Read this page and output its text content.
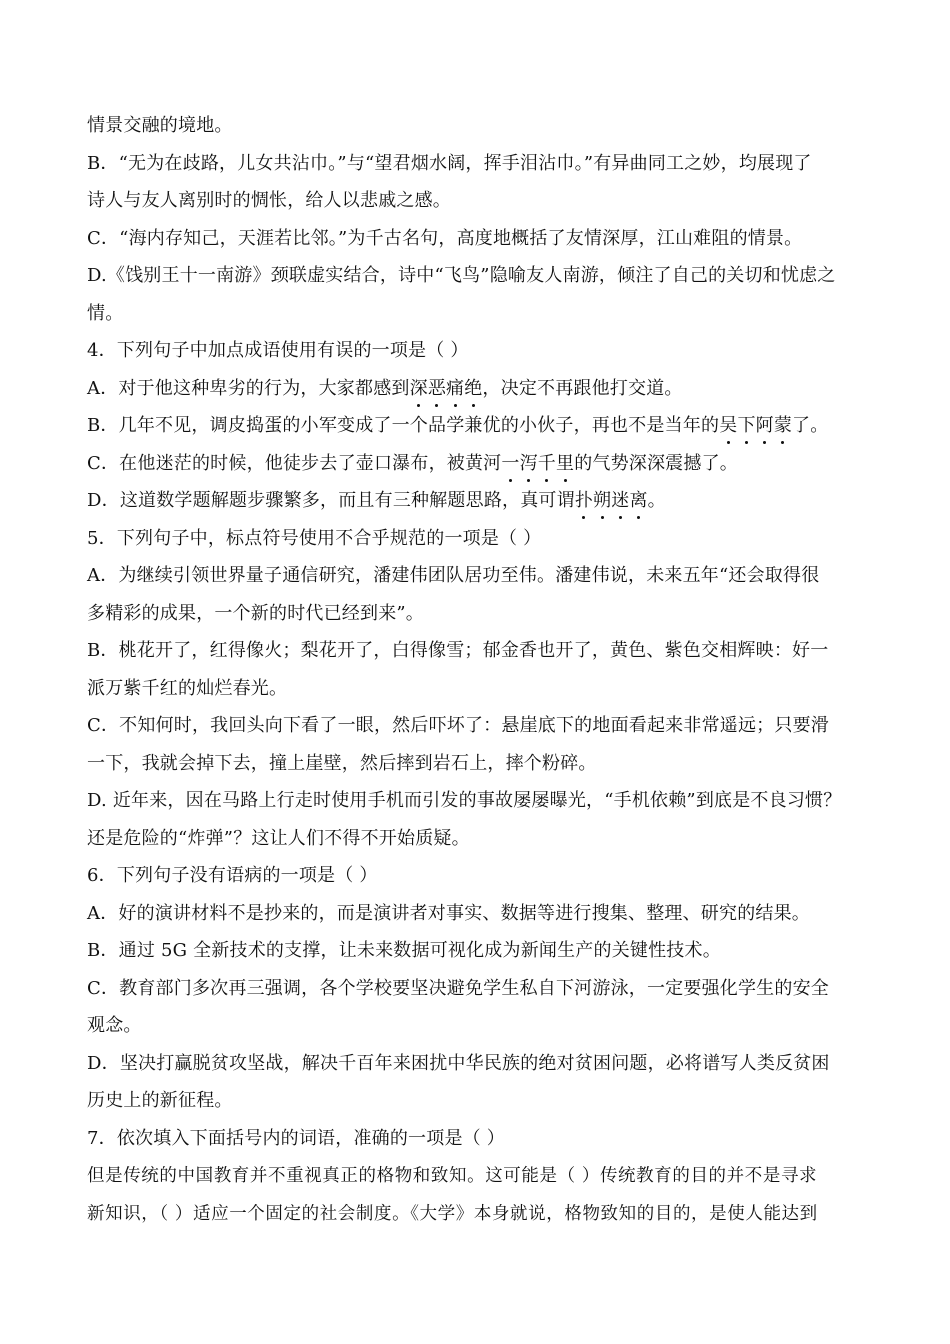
情景交融的境地。
B．“无为在歧路，儿女共沾巾。”与“望君烟水阔，挥手泪沾巾。”有异曲同工之妙，均展现了
诗人与友人离别时的惆怅，给人以悲戚之感。
C．“海内存知己，天涯若比邻。”为千古名句，高度地概括了友情深厚，江山难阻的情景。
D.《饯别王十一南游》颈联虚实结合，诗中“飞鸟”隐喻友人南游，倾注了自己的关切和忧虑之
情。
4．下列句子中加点成语使用有误的一项是（ ）
A．对于他这种卑劣的行为，大家都感到深恶痛绝，决定不再跟他打交道。
B．几年不见，调皮捣蛋的小军变成了一个品学兼优的小伙子，再也不是当年的吴下阿蒙了。
C．在他迷茫的时候，他徒步去了壶口瀑布，被黄河一泻千里的气势深深震撼了。
D．这道数学题解题步骤繁多，而且有三种解题思路，真可谓扑朔迷离。
5．下列句子中，标点符号使用不合乎规范的一项是（ ）
A．为继续引领世界量子通信研究，潘建伟团队居功至伟。潘建伟说，未来五年“还会取得很
多精彩的成果，一个新的时代已经到来”。
B．桃花开了，红得像火；梨花开了，白得像雪；郁金香也开了，黄色、紫色交相辉映：好一
派万紫千红的灿烂春光。
C．不知何时，我回头向下看了一眼，然后吓坏了：悬崖底下的地面看起来非常遥远；只要滑
一下，我就会掉下去，撞上崖壁，然后摔到岩石上，摔个粉碎。
D. 近年来，因在马路上行走时使用手机而引发的事故屡屡曝光，“手机依赖”到底是不良习惯？
还是危险的“炸弹”？这让人们不得不开始质疑。
6．下列句子没有语病的一项是（ ）
A．好的演讲材料不是抄来的，而是演讲者对事实、数据等进行搜集、整理、研究的结果。
B．通过 5G 全新技术的支撑，让未来数据可视化成为新闻生产的关键性技术。
C．教育部门多次再三强调，各个学校要坚决避免学生私自下河游泳，一定要强化学生的安全
观念。
D．坚决打赢脱贫攻坚战，解决千百年来困扰中华民族的绝对贫困问题，必将谱写人类反贫困
历史上的新征程。
7．依次填入下面括号内的词语，准确的一项是（ ）
但是传统的中国教育并不重视真正的格物和致知。这可能是（ ）传统教育的目的并不是寻求
新知识，（ ）适应一个固定的社会制度。《大学》本身就说，格物致知的目的，是使人能达到
